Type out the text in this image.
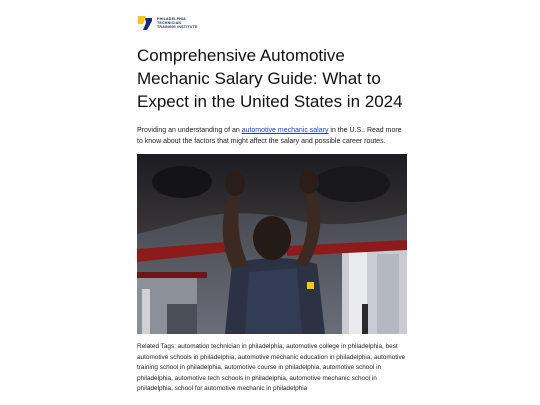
PHILADELPHIA
TECHNICIAN
TRAINING INSTITUTE
Comprehensive Automotive Mechanic Salary Guide: What to Expect in the United States in 2024

Providing an understanding of an automotive mechanic salary in the U.S.. Read more to know about the factors that might affect the salary and possible career routes.

Related Tags: automation technician in philadelphia, automotive college in philadelphia, best automotive schools in philadelphia, automotive mechanic education in philadelphia, automotive training school in philadelphia, automotive course in philadelphia, automotive school in philadelphia, automotive tech schools in philadelphia, automotive mechanic school in philadelphia, school for automotive mechanic in philadelphia
